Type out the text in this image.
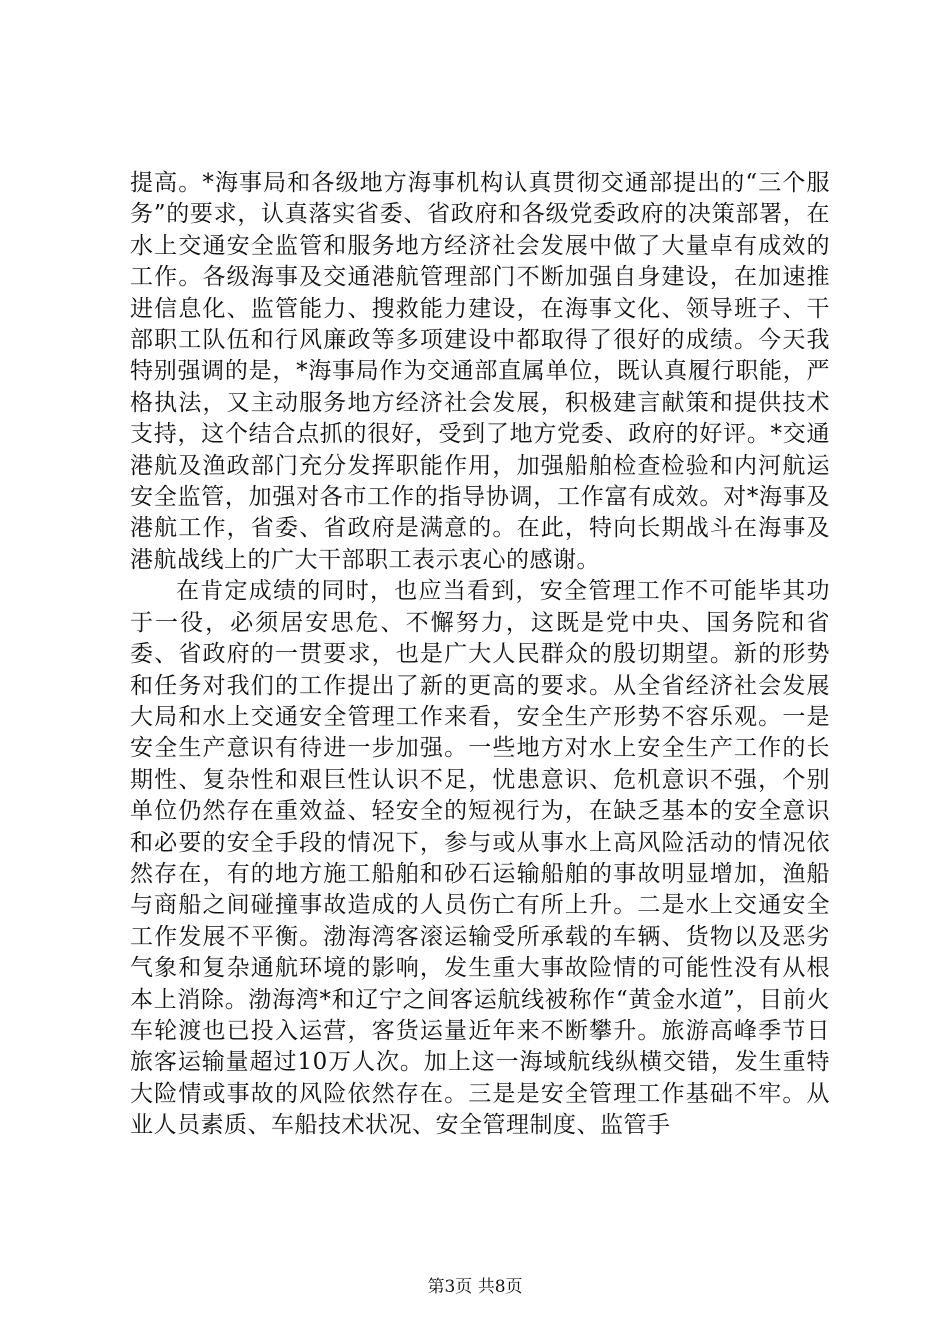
提高。*海事局和各级地方海事机构认真贯彻交通部提出的“三个服务”的要求，认真落实省委、省政府和各级党委政府的决策部署，在水上交通安全监管和服务地方经济社会发展中做了大量卓有成效的工作。各级海事及交通港航管理部门不断加强自身建设，在加速推进信息化、监管能力、搜救能力建设，在海事文化、领导班子、干部职工队伍和行风廉政等多项建设中都取得了很好的成绩。今天我特别强调的是，*海事局作为交通部直属单位，既认真履行职能，严格执法，又主动服务地方经济社会发展，积极建言献策和提供技术支持，这个结合点抓的很好，受到了地方党委、政府的好评。*交通港航及渔政部门充分发挥职能作用，加强船舶检查检验和内河航运安全监管，加强对各市工作的指导协调，工作富有成效。对*海事及港航工作，省委、省政府是满意的。在此，特向长期战斗在海事及港航战线上的广大干部职工表示衷心的感谢。

在肯定成绩的同时，也应当看到，安全管理工作不可能毕其功于一役，必须居安思危、不懈努力，这既是党中央、国务院和省委、省政府的一贯要求，也是广大人民群众的殷切期望。新的形势和任务对我们的工作提出了新的更高的要求。从全省经济社会发展大局和水上交通安全管理工作来看，安全生产形势不容乐观。一是安全生产意识有待进一步加强。一些地方对水上安全生产工作的长期性、复杂性和艰巨性认识不足，忧患意识、危机意识不强，个别单位仍然存在重效益、轻安全的短视行为，在缺乏基本的安全意识和必要的安全手段的情况下，参与或从事水上高风险活动的情况依然存在，有的地方施工船舶和砂石运输船舶的事故明显增加，渔船与商船之间碰撞事故造成的人员伤亡有所上升。二是水上交通安全工作发展不平衡。渤海湾客滚运输受所承载的车辆、货物以及恶劣气象和复杂通航环境的影响，发生重大事故险情的可能性没有从根本上消除。渤海湾*和辽宁之间客运航线被称作“黄金水道”，目前火车轮渡也已投入运营，客货运量近年来不断攀升。旅游高峰季节日旅客运输量超过10万人次。加上这一海域航线纵横交错，发生重特大险情或事故的风险依然存在。三是是安全管理工作基础不牢。从业人员素质、车船技术状况、安全管理制度、监管手

第3页 共8页
